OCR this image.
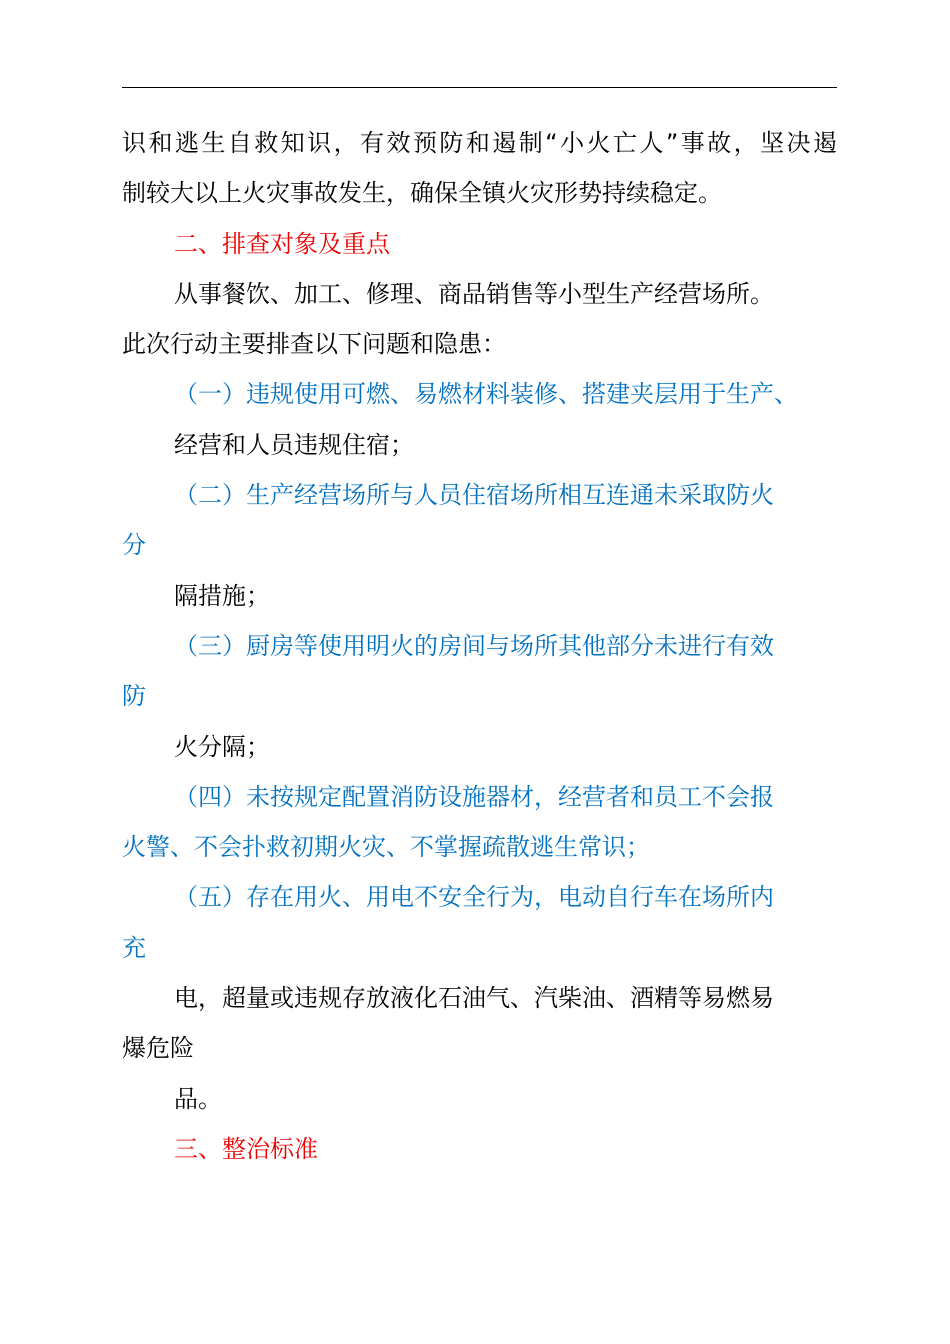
识和逃生自救知识，有效预防和遏制“小火亡人”事故，坚决遏
制较大以上火灾事故发生，确保全镇火灾形势持续稳定。
二、排查对象及重点
从事餐饮、加工、修理、商品销售等小型生产经营场所。
此次行动主要排查以下问题和隐患：
（一）违规使用可燃、易燃材料装修、搭建夹层用于生产、
经营和人员违规住宿；
（二）生产经营场所与人员住宿场所相互连通未采取防火
分
隔措施；
（三）厨房等使用明火的房间与场所其他部分未进行有效
防
火分隔；
（四）未按规定配置消防设施器材，经营者和员工不会报
火警、不会扑救初期火灾、不掌握疏散逃生常识；
（五）存在用火、用电不安全行为，电动自行车在场所内
充
电，超量或违规存放液化石油气、汽柴油、酒精等易燃易
爆危险
品。
三、整治标准
